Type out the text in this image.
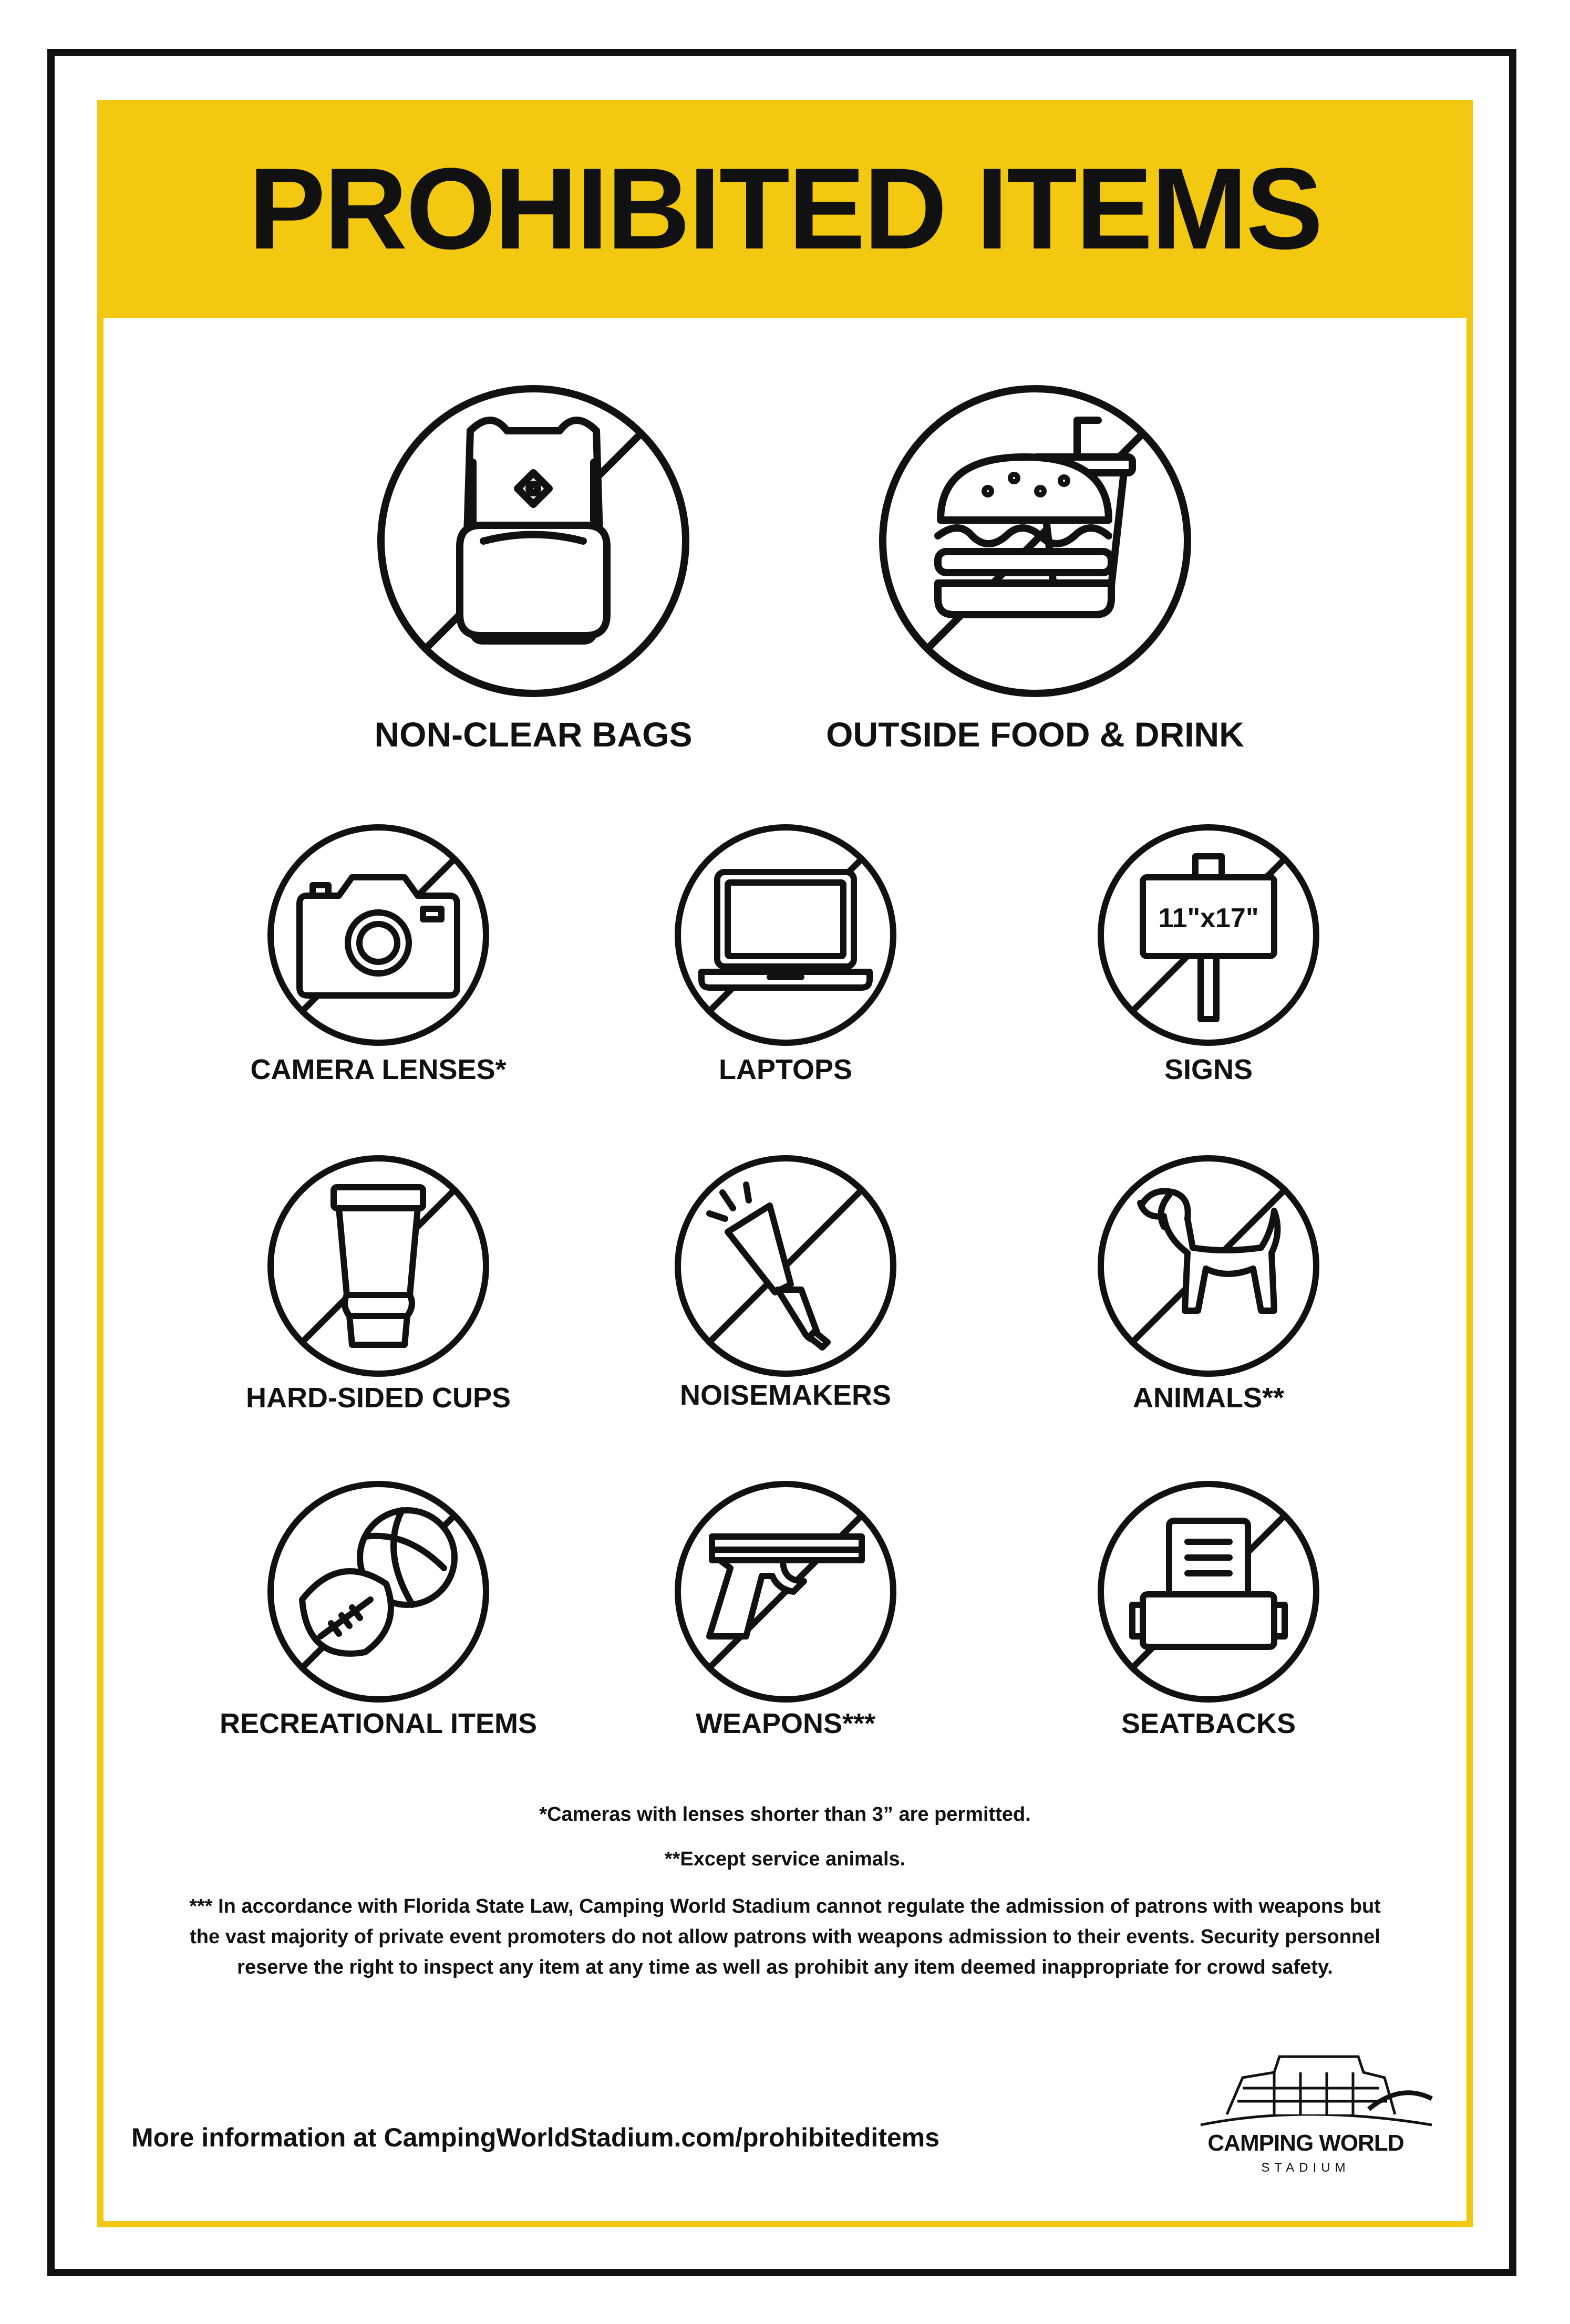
PROHIBITED ITEMS
NON-CLEAR BAGS	OUTSIDE FOOD & DRINK
CAMERA LENSES*	LAPTOPS
11"x17"
SIGNS
HARD-SIDED CUPS	NOISEMAKERS	ANIMALS**
RECREATIONAL ITEMS	WEAPONS***	SEATBACKS
*Cameras with lenses shorter than 3” are permitted.
**Except service animals.
*** In accordance with Florida State Law, Camping World Stadium cannot regulate the admission of patrons with weapons but
the vast majority of private event promoters do not allow patrons with weapons admission to their events. Security personnel
reserve the right to inspect any item at any time as well as prohibit any item deemed inappropriate for crowd safety.
More information at CampingWorldStadium.com/prohibiteditems	CAMPING WORLD
STADIUM
